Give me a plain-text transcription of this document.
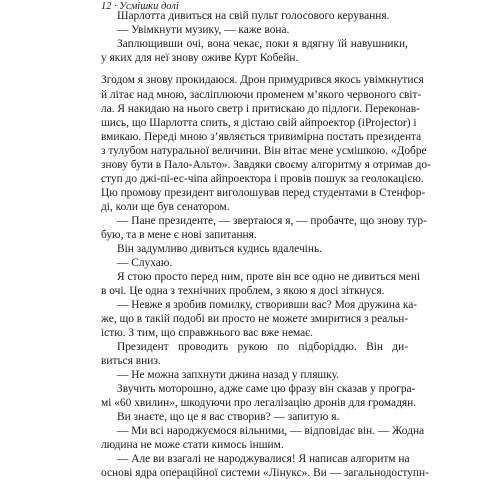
12 · Усмішки долі
Шарлотта дивиться на свій пульт голосового керування.
— Увімкнути музику, — каже вона.
Заплющивши очі, вона чекає, поки я вдягну їй навушники,
у яких для неї знову оживе Курт Кобейн.
Згодом я знову прокидаюся. Дрон примудрився якось увімкнутися
й літає над мною, засліплюючи променем м’якого червоного світ-
ла. Я накидаю на нього светр і притискаю до підлоги. Переконав-
шись, що Шарлотта спить, я дістаю свій айпроектор (iProjector) і
вмикаю. Переді мною з’являється тривимірна постать президента
з тулубом натуральної величини. Він вітає мене усмішкою. «Добре
знову бути в Пало-Альто». Завдяки своєму алгоритму я отримав до-
ступ до джі-пі-ес-чіпа айпроектора і провів пошук за геолокацією.
Цю промову президент виголошував перед студентами в Стенфор-
ді, коли ще був сенатором.
— Пане президенте, — звертаюся я, — пробачте, що знову тур-
бую, та в мене є нові запитання.
Він задумливо дивиться кудись вдалечінь.
— Слухаю.
Я стою просто перед ним, проте він все одно не дивиться мені
в очі. Це одна з технічних проблем, з якою я досі зіткнуся.
— Невже я зробив помилку, створивши вас? Моя дружина ка-
же, що в такій подобі ви просто не можете змиритися з реальн-
істю. З тим, що справжнього вас вже немає.
Президент проводить рукою по підборіддю. Він ди-
виться вниз.
— Не можна запхнути джина назад у пляшку.
Звучить моторошно, адже саме цю фразу він сказав у програ-
мі «60 хвилин», шкодуючи про легалізацію дронів для громадян.
Ви знаєте, що це я вас створив? — запитую я.
— Ми всі народжуємося вільними, — відповідає він. — Жодна
людина не може стати кимось іншим.
— Але ви взагалі не народжувалися! Я написав алгоритм на
основі ядра операційної системи «Лінукс». Ви — загальнодоступн-
